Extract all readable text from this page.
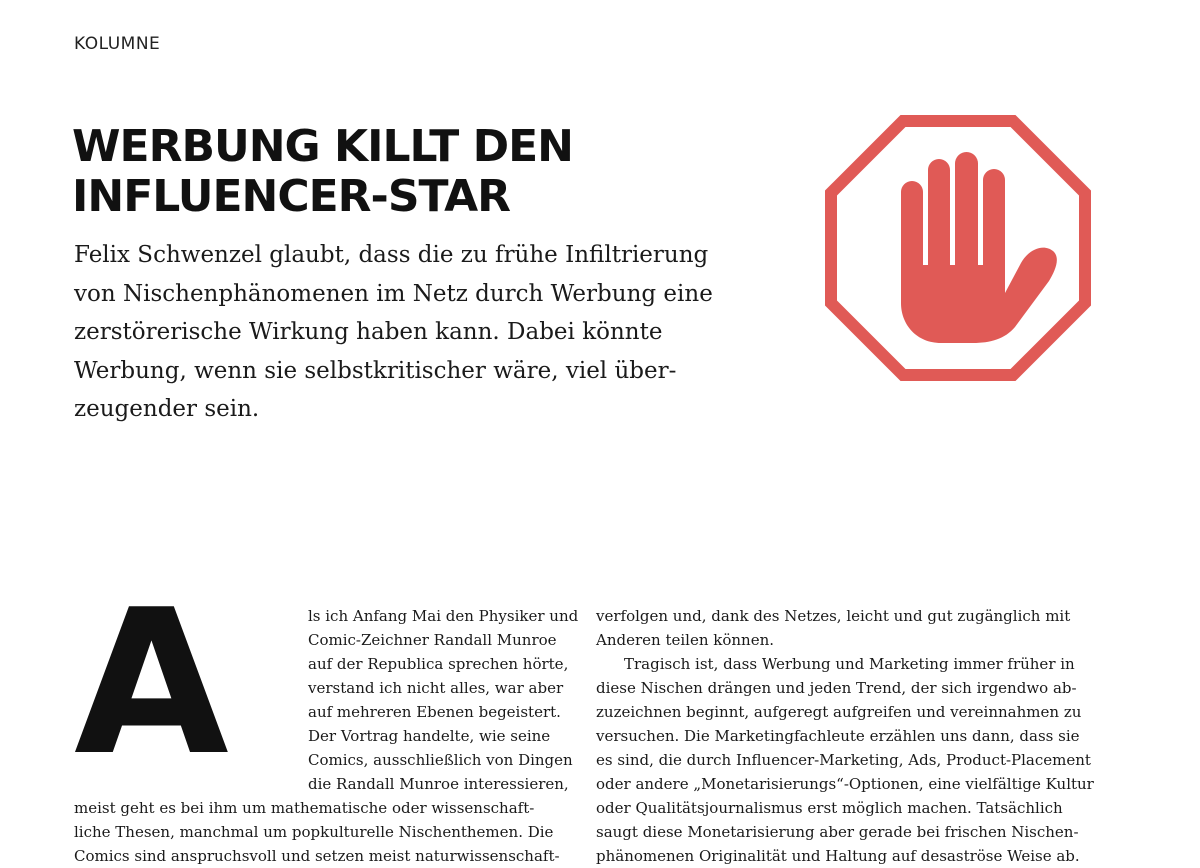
KOLUMNE
WERBUNG KILLT DEN
INFLUENCER-STAR

Felix Schwenzel glaubt, dass die zu frühe Infiltrierung
von Nischenphänomenen im Netz durch Werbung eine
zerstörerische Wirkung haben kann. Dabei könnte
Werbung, wenn sie selbstkritischer wäre, viel über-
zeugender sein.

A	ls ich Anfang Mai den Physiker und
Comic-Zeichner Randall Munroe
auf der Republica sprechen hörte,
verstand ich nicht alles, war aber
auf mehreren Ebenen begeistert.
Der Vortrag handelte, wie seine
Comics, ausschließlich von Dingen
die Randall Munroe interessieren,
meist geht es bei ihm um mathematische oder wissenschaft-
liche Thesen, manchmal um popkulturelle Nischenthemen. Die
Comics sind anspruchsvoll und setzen meist naturwissenschaft-
verfolgen und, dank des Netzes, leicht und gut zugänglich mit
Anderen teilen können.
Tragisch ist, dass Werbung und Marketing immer früher in
diese Nischen drängen und jeden Trend, der sich irgendwo ab-
zuzeichnen beginnt, aufgeregt aufgreifen und vereinnahmen zu
versuchen. Die Marketingfachleute erzählen uns dann, dass sie
es sind, die durch Influencer-Marketing, Ads, Product-Placement
oder andere „Monetarisierungs“-Optionen, eine vielfältige Kultur
oder Qualitätsjournalismus erst möglich machen. Tatsächlich
saugt diese Monetarisierung aber gerade bei frischen Nischen-
phänomenen Originalität und Haltung auf desaströse Weise ab.
